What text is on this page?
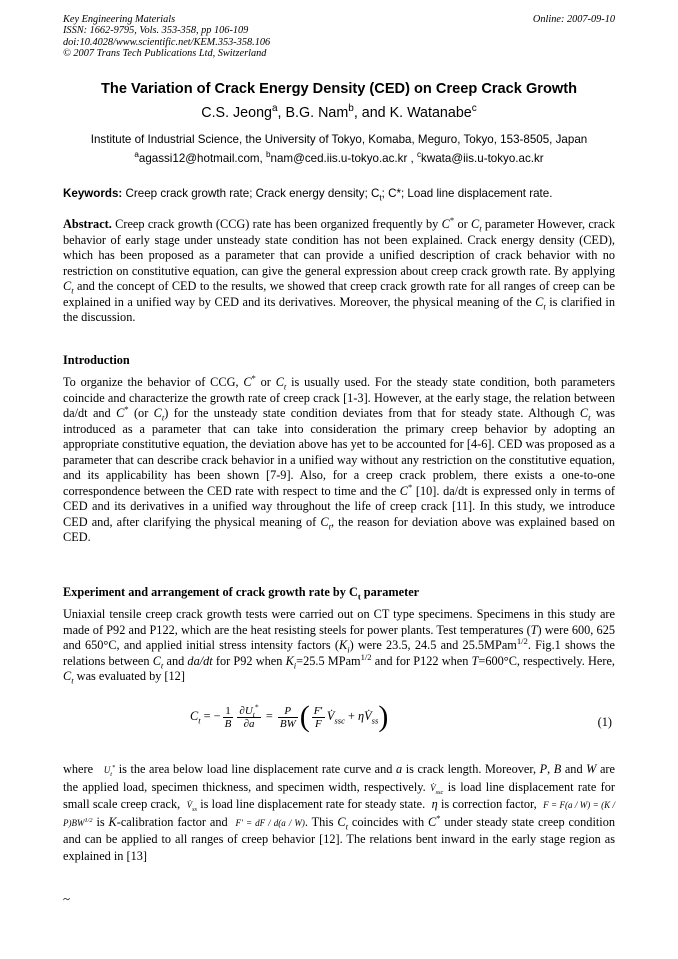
Key Engineering Materials
ISSN: 1662-9795, Vols. 353-358, pp 106-109
doi:10.4028/www.scientific.net/KEM.353-358.106
© 2007 Trans Tech Publications Ltd, Switzerland
Online: 2007-09-10
The Variation of Crack Energy Density (CED) on Creep Crack Growth
C.S. Jeong$^a$, B.G. Nam$^b$, and K. Watanabe$^c$
Institute of Industrial Science, the University of Tokyo, Komaba, Meguro, Tokyo, 153-8505, Japan
$^a$agassi12@hotmail.com, $^b$nam@ced.iis.u-tokyo.ac.kr , $^c$kwata@iis.u-tokyo.ac.kr
Keywords: Creep crack growth rate; Crack energy density; $C_t$; C*; Load line displacement rate.
Abstract. Creep crack growth (CCG) rate has been organized frequently by C* or $C_t$ parameter However, crack behavior of early stage under unsteady state condition has not been explained. Crack energy density (CED), which has been proposed as a parameter that can provide a unified description of crack behavior with no restriction on constitutive equation, can give the general expression about creep crack growth rate. By applying $C_t$ and the concept of CED to the results, we showed that creep crack growth rate for all ranges of creep can be explained in a unified way by CED and its derivatives. Moreover, the physical meaning of the $C_t$ is clarified in the discussion.
Introduction
To organize the behavior of CCG, C* or $C_t$ is usually used. For the steady state condition, both parameters coincide and characterize the growth rate of creep crack [1-3]. However, at the early stage, the relation between da/dt and C* (or $C_t$) for the unsteady state condition deviates from that for steady state. Although $C_t$ was introduced as a parameter that can take into consideration the primary creep behavior by adopting an appropriate constitutive equation, the deviation above has yet to be accounted for [4-6]. CED was proposed as a parameter that can describe crack behavior in a unified way without any restriction on the constitutive equation, and its applicability has been shown [7-9]. Also, for a creep crack problem, there exists a one-to-one correspondence between the CED rate with respect to time and the C* [10]. da/dt is expressed only in terms of CED and its derivatives in a unified way throughout the life of creep crack [11]. In this study, we introduce CED and, after clarifying the physical meaning of $C_t$, the reason for deviation above was explained based on CED.
Experiment and arrangement of crack growth rate by $C_t$ parameter
Uniaxial tensile creep crack growth tests were carried out on CT type specimens. Specimens in this study are made of P92 and P122, which are the heat resisting steels for power plants. Test temperatures (T) were 600, 625 and 650°C, and applied initial stress intensity factors $(K_i)$ were 23.5, 24.5 and 25.5MPam$^{1/2}$. Fig.1 shows the relations between $C_t$ and da/dt for P92 when $K_i=25.5$ MPam$^{1/2}$ and for P122 when T=600°C, respectively. Here, $C_t$ was evaluated by [12]
$C_t$ = − $\frac{1}{B} \frac{\partial U_t^*}{\partial a} = \frac{P}{BW}$ ( $\frac{F'}{F}$ $V̇_{ssc}$ + $\eta V̇_{ss}$)	(1)
where $U_t^*$ is the area below load line displacement rate curve and a is crack length. Moreover, P, B and W are the applied load, specimen thickness, and specimen width, respectively. $V̇_{ssc}$ is load line displacement rate for small scale creep crack, $V̇_{ss}$ is load line displacement rate for steady state. η is correction factor, $F = F(a / W) = (K / P)BW^{1/2}$ is K-calibration factor and F′ = dF / d(a / W). This $C_t$ coincides with C* under steady state creep condition and can be applied to all ranges of creep behavior [12]. The relations bent inward in the early stage region as explained in [13]
~
